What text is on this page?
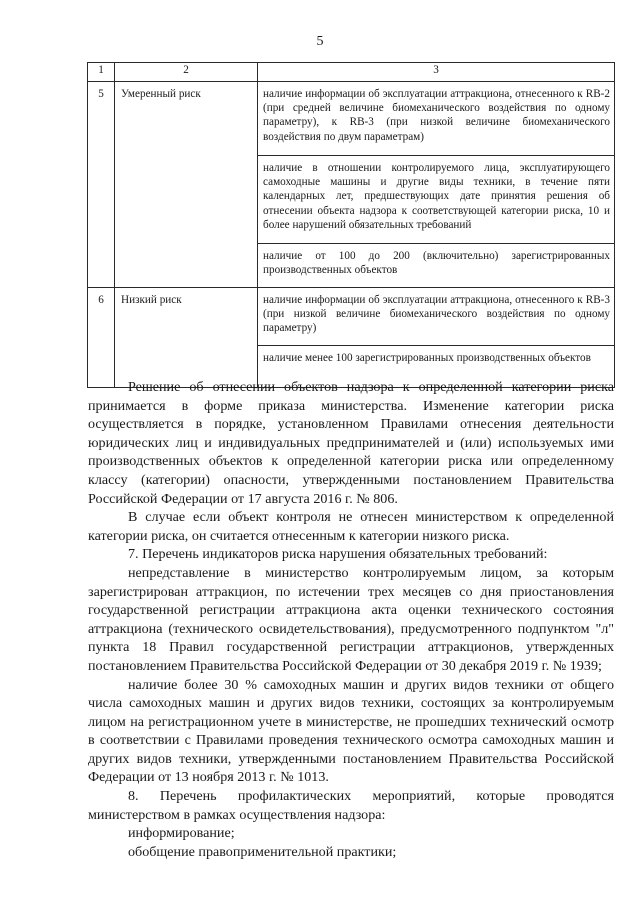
5
1	2	3
5	Умеренный риск	наличие информации об эксплуатации аттракциона, отнесенного к RB-2 (при средней величине биомеханического воздействия по одному параметру), к RB-3 (при низкой величине биомеханического воздействия по двум параметрам)
наличие в отношении контролируемого лица, эксплуатирующего самоходные машины и другие виды техники, в течение пяти календарных лет, предшествующих дате принятия решения об отнесении объекта надзора к соответствующей категории риска, 10 и более нарушений обязательных требований
наличие от 100 до 200 (включительно) зарегистрированных производственных объектов

6	Низкий риск	наличие информации об эксплуатации аттракциона, отнесенного к RB-3 (при низкой величине биомеханического воздействия по одному параметру)
наличие менее 100 зарегистрированных производственных объектов

Решение об отнесении объектов надзора к определенной категории риска принимается в форме приказа министерства. Изменение категории риска осуществляется в порядке, установленном Правилами отнесения деятельности юридических лиц и индивидуальных предпринимателей и (или) используемых ими производственных объектов к определенной категории риска или определенному классу (категории) опасности, утвержденными постановлением Правительства Российской Федерации от 17 августа 2016 г. № 806.

В случае если объект контроля не отнесен министерством к определенной категории риска, он считается отнесенным к категории низкого риска.

7. Перечень индикаторов риска нарушения обязательных требований:

непредставление в министерство контролируемым лицом, за которым зарегистрирован аттракцион, по истечении трех месяцев со дня приостановления государственной регистрации аттракциона акта оценки технического состояния аттракциона (технического освидетельствования), предусмотренного подпунктом "л" пункта 18 Правил государственной регистрации аттракционов, утвержденных постановлением Правительства Российской Федерации от 30 декабря 2019 г. № 1939;

наличие более 30 % самоходных машин и других видов техники от общего числа самоходных машин и других видов техники, состоящих за контролируемым лицом на регистрационном учете в министерстве, не прошедших технический осмотр в соответствии с Правилами проведения технического осмотра самоходных машин и других видов техники, утвержденными постановлением Правительства Российской Федерации от 13 ноября 2013 г. № 1013.

8. Перечень профилактических мероприятий, которые проводятся министерством в рамках осуществления надзора:

информирование;

обобщение правоприменительной практики;
